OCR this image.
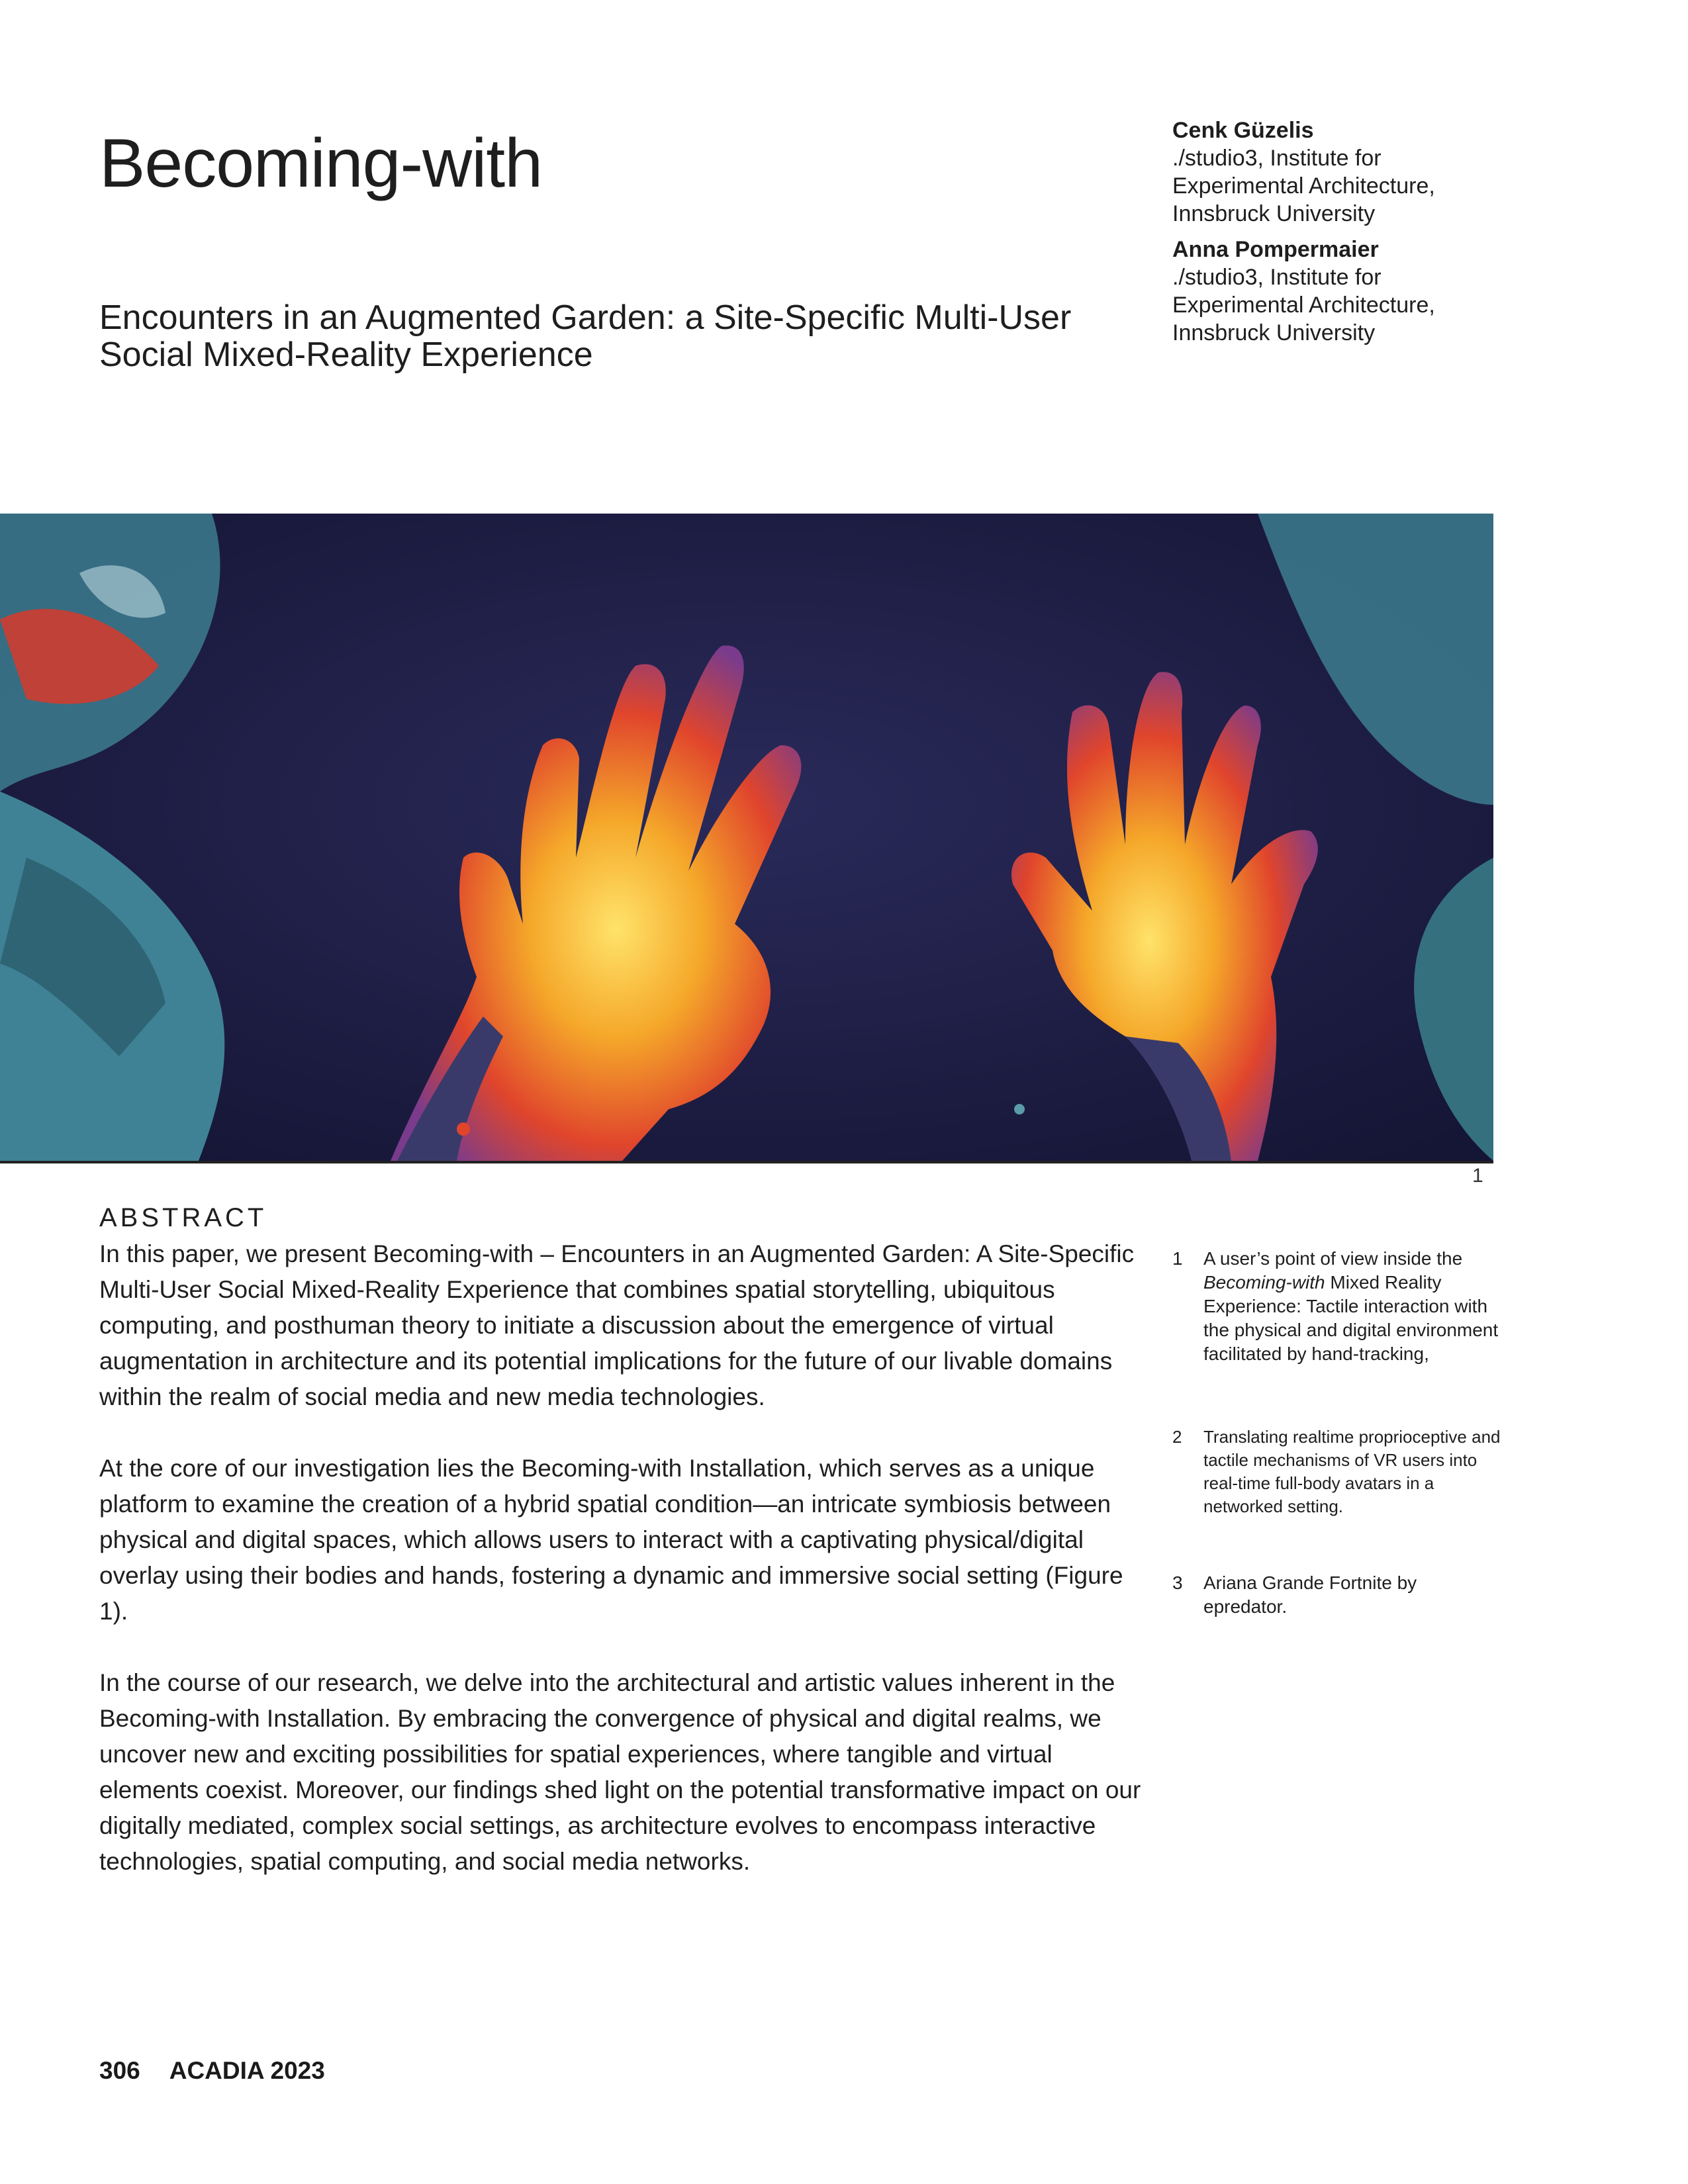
Becoming-with
Encounters in an Augmented Garden: a Site-Specific Multi-User Social Mixed-Reality Experience
Cenk Güzelis
./studio3, Institute for
Experimental Architecture,
Innsbruck University
Anna Pompermaier
./studio3, Institute for
Experimental Architecture,
Innsbruck University
1
ABSTRACT

In this paper, we present Becoming-with – Encounters in an Augmented Garden: A Site-Specific Multi-User Social Mixed-Reality Experience that combines spatial storytelling, ubiquitous computing, and posthuman theory to initiate a discussion about the emergence of virtual augmentation in architecture and its potential implications for the future of our livable domains within the realm of social media and new media technologies.

At the core of our investigation lies the Becoming-with Installation, which serves as a unique platform to examine the creation of a hybrid spatial condition—an intricate symbiosis between physical and digital spaces, which allows users to interact with a captivating physical/digital overlay using their bodies and hands, fostering a dynamic and immersive social setting (Figure 1).

In the course of our research, we delve into the architectural and artistic values inherent in the Becoming-with Installation. By embracing the convergence of physical and digital realms, we uncover new and exciting possibilities for spatial experiences, where tangible and virtual elements coexist. Moreover, our findings shed light on the potential transformative impact on our digitally mediated, complex social settings, as architecture evolves to encompass interactive technologies, spatial computing, and social media networks.

1	A user’s point of view inside the Becoming-with Mixed Reality Experience: Tactile interaction with the physical and digital environment facilitated by hand-tracking,
2	Translating realtime proprioceptive and tactile mechanisms of VR users into real-time full-body avatars in a networked setting.
3	Ariana Grande Fortnite by epredator.
306 ACADIA 2023
